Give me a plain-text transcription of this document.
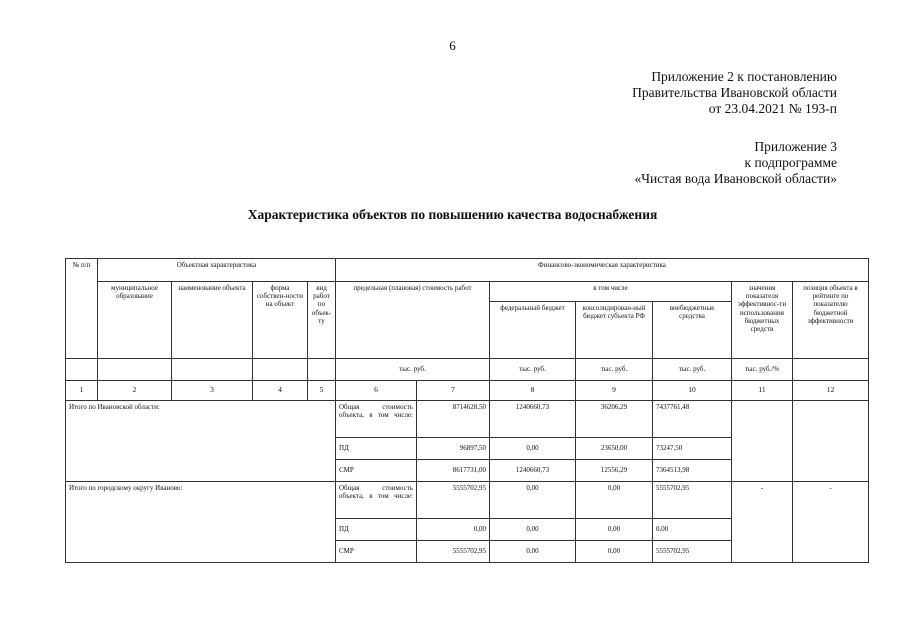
6
Приложение 2 к постановлению
Правительства Ивановской области
от 23.04.2021 № 193-п
Приложение 3
к подпрограмме
«Чистая вода Ивановской области»
Характеристика объектов по повышению качества водоснабжения
№ п/п	Объектная характеристика				Финансово-экономическая характеристика						
	муниципальное образование	наименование объекта	форма собствен-ности на объект	вид работ по объек-ту	предельная (плановая) стоимость работ		в том числе			значения показателя эффективнос-ти использования бюджетных средств	позиция объекта в рейтинге по показателю бюджетной эффективности
							федеральный бюджет	консолидирован-ный бюджет субъекта РФ	внебюджетные средства		
					тыс. руб.		тыс. руб.	тыс. руб.	тыс. руб.	тыс. руб./%	
1	2	3	4	5	6	7	8	9	10	11	12
Итого по Ивановской области:					Общая стоимость объекта, в том числе:	8714628,50	1240660,73	36206,29	7437761,48		
					ПД	96897,50	0,00	23650,00	73247,50		
					СМР	8617731,00	1240660,73	12556,29	7364513,98		
Итого по городскому округу Иваново:					Общая стоимость объекта, в том числе:	5555702,95	0,00	0,00	5555702,95	-	-
					ПД	0,00	0,00	0,00	0,00		
					СМР	5555702,95	0,00	0,00	5555702,95		
